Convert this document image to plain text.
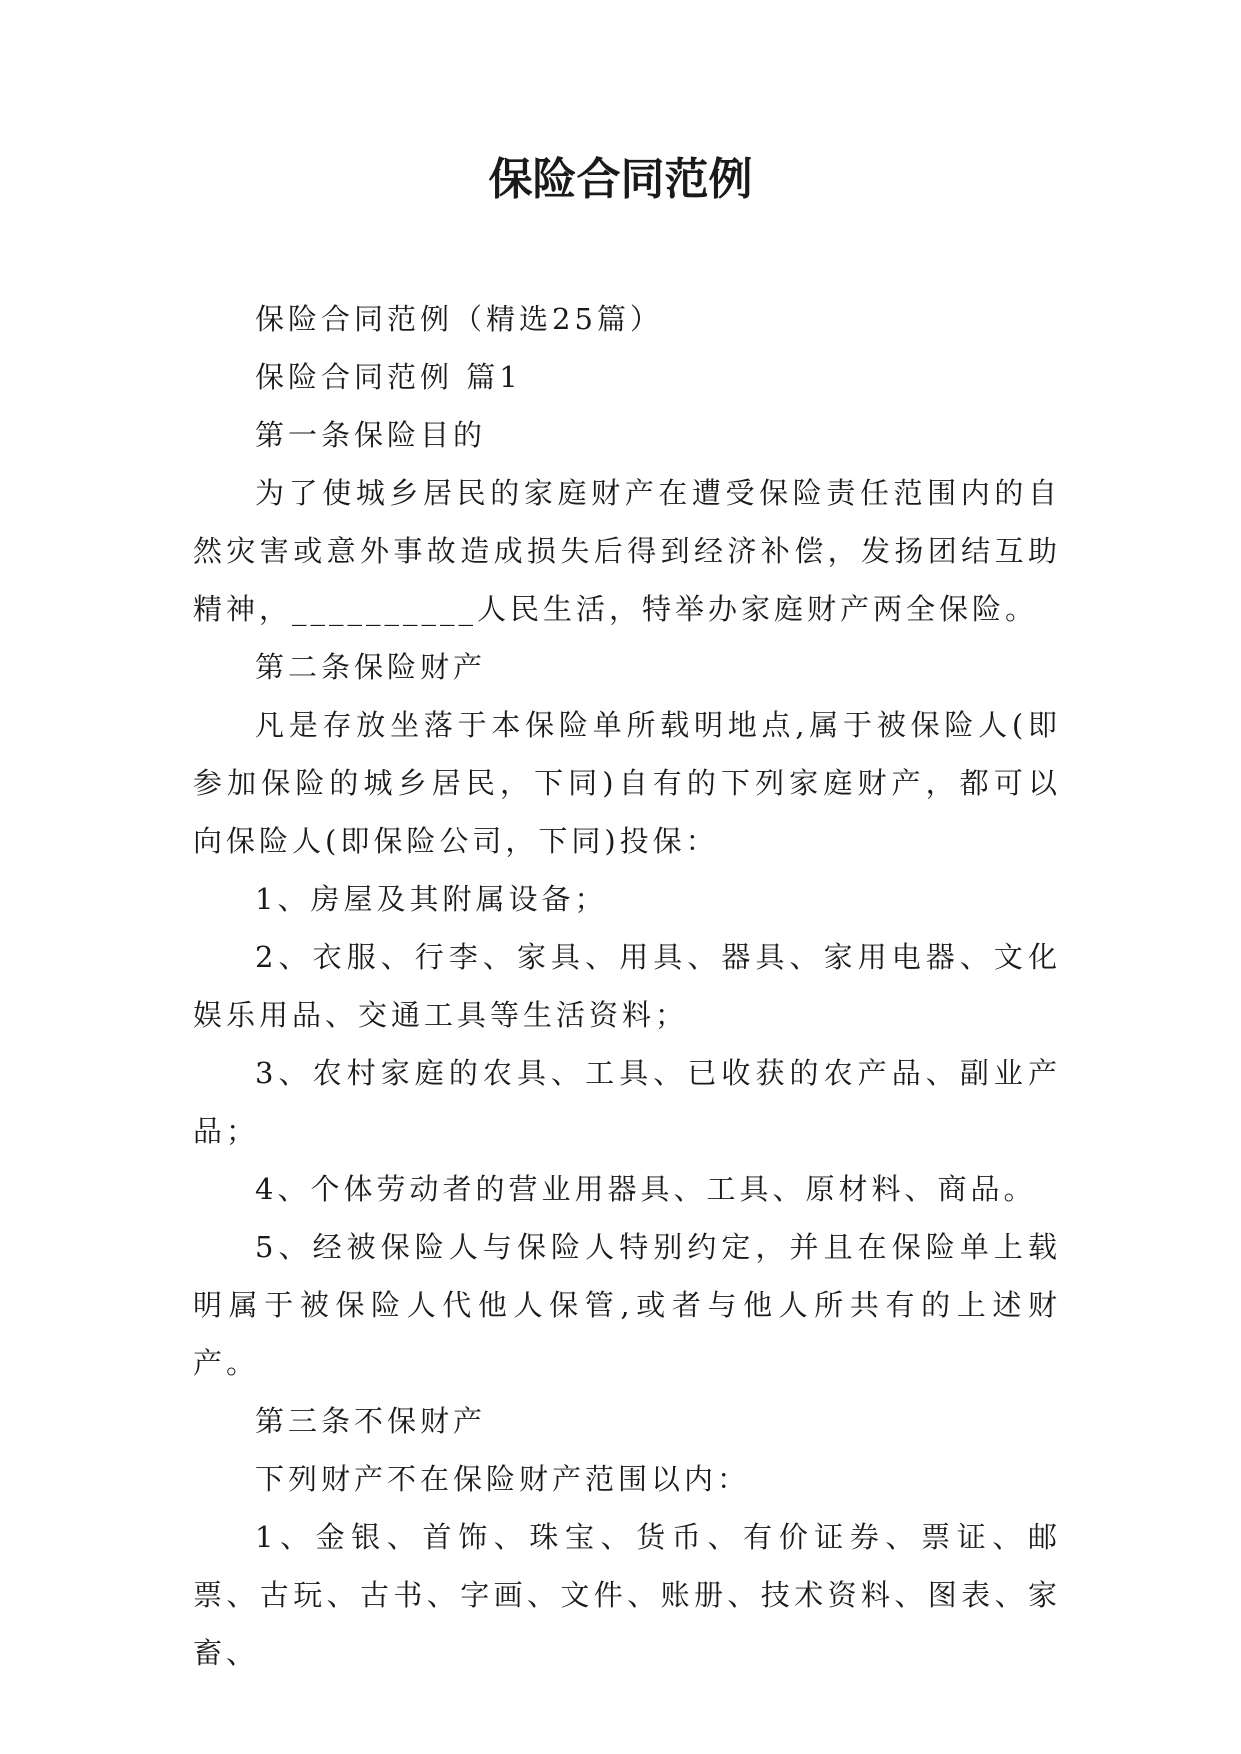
保险合同范例

保险合同范例（精选25篇）

保险合同范例 篇1

第一条保险目的

为了使城乡居民的家庭财产在遭受保险责任范围内的自然灾害或意外事故造成损失后得到经济补偿，发扬团结互助精神，__________人民生活，特举办家庭财产两全保险。

第二条保险财产

凡是存放坐落于本保险单所载明地点,属于被保险人(即参加保险的城乡居民，下同)自有的下列家庭财产，都可以向保险人(即保险公司，下同)投保：

1、房屋及其附属设备；

2、衣服、行李、家具、用具、器具、家用电器、文化娱乐用品、交通工具等生活资料；

3、农村家庭的农具、工具、已收获的农产品、副业产品；

4、个体劳动者的营业用器具、工具、原材料、商品。

5、经被保险人与保险人特别约定，并且在保险单上载明属于被保险人代他人保管,或者与他人所共有的上述财产。

第三条不保财产

下列财产不在保险财产范围以内：

1、金银、首饰、珠宝、货币、有价证券、票证、邮票、古玩、古书、字画、文件、账册、技术资料、图表、家畜、
